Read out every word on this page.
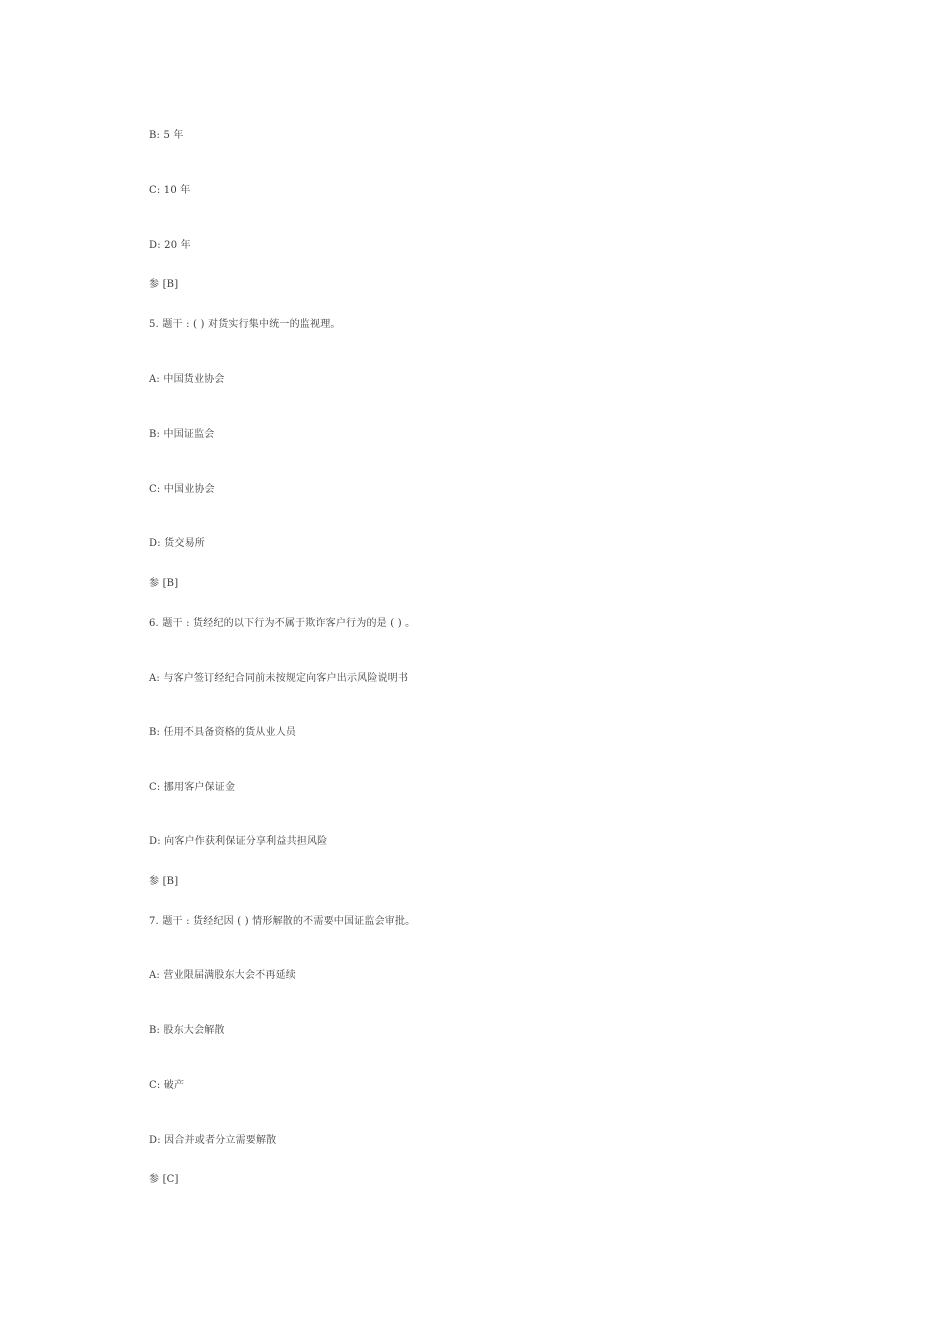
B: 5 年
C: 10 年
D: 20 年
参 [B]
5. 题干 : ( ) 对货实行集中统一的监视理。
A: 中国货业协会
B: 中国证监会
C: 中国业协会
D: 货交易所
参 [B]
6. 题干 : 货经纪的以下行为不属于欺诈客户行为的是 ( ) 。
A: 与客户签订经纪合同前未按规定向客户出示风险说明书
B: 任用不具备资格的货从业人员
C: 挪用客户保证金
D: 向客户作获利保证分享利益共担风险
参 [B]
7. 题干 : 货经纪因 ( ) 情形解散的不需要中国证监会审批。
A: 营业限届满股东大会不再延续
B: 股东大会解散
C: 破产
D: 因合并或者分立需要解散
参 [C]
